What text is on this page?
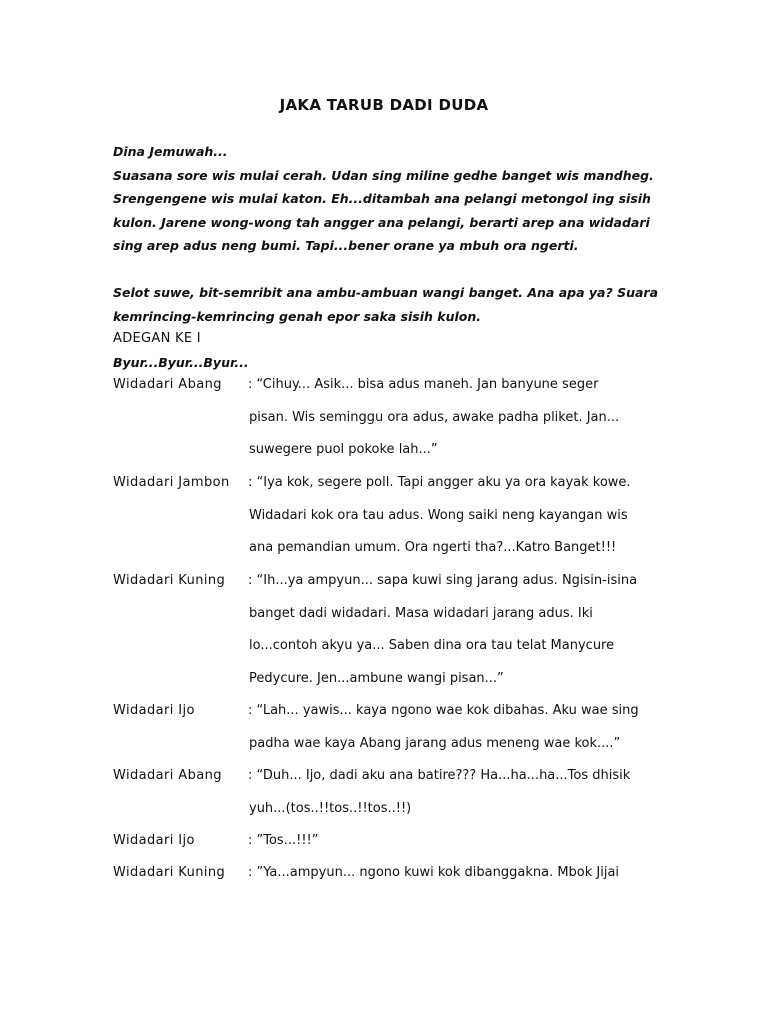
JAKA TARUB DADI DUDA
Dina Jemuwah...
Suasana sore wis mulai cerah. Udan sing miline gedhe banget wis mandheg.
Srengengene wis mulai katon. Eh...ditambah ana pelangi metongol ing sisih
kulon. Jarene wong-wong tah angger ana pelangi, berarti arep ana widadari
sing arep adus neng bumi. Tapi...bener orane ya mbuh ora ngerti.
Selot suwe, bit-semribit ana ambu-ambuan wangi banget. Ana apa ya? Suara
kemrincing-kemrincing genah epor saka sisih kulon.
ADEGAN KE I
Byur...Byur...Byur...
Widadari Abang : “Cihuy... Asik... bisa adus maneh. Jan banyune seger
pisan. Wis seminggu ora adus, awake padha pliket. Jan...
suwegere puol pokoke lah...”
Widadari Jambon : “Iya kok, segere poll. Tapi angger aku ya ora kayak kowe.
Widadari kok ora tau adus. Wong saiki neng kayangan wis
ana pemandian umum. Ora ngerti tha?...Katro Banget!!!
Widadari Kuning : “Ih...ya ampyun... sapa kuwi sing jarang adus. Ngisin-isina
banget dadi widadari. Masa widadari jarang adus. Iki
lo...contoh akyu ya... Saben dina ora tau telat Manycure
Pedycure. Jen...ambune wangi pisan...”
Widadari Ijo	: “Lah... yawis... kaya ngono wae kok dibahas. Aku wae sing
padha wae kaya Abang jarang adus meneng wae kok....”
Widadari Abang : “Duh... Ijo, dadi aku ana batire??? Ha...ha...ha...Tos dhisik
yuh...(tos..!!tos..!!tos..!!)
Widadari Ijo	: ”Tos...!!!”
Widadari Kuning : ”Ya...ampyun... ngono kuwi kok dibanggakna. Mbok Jijai
